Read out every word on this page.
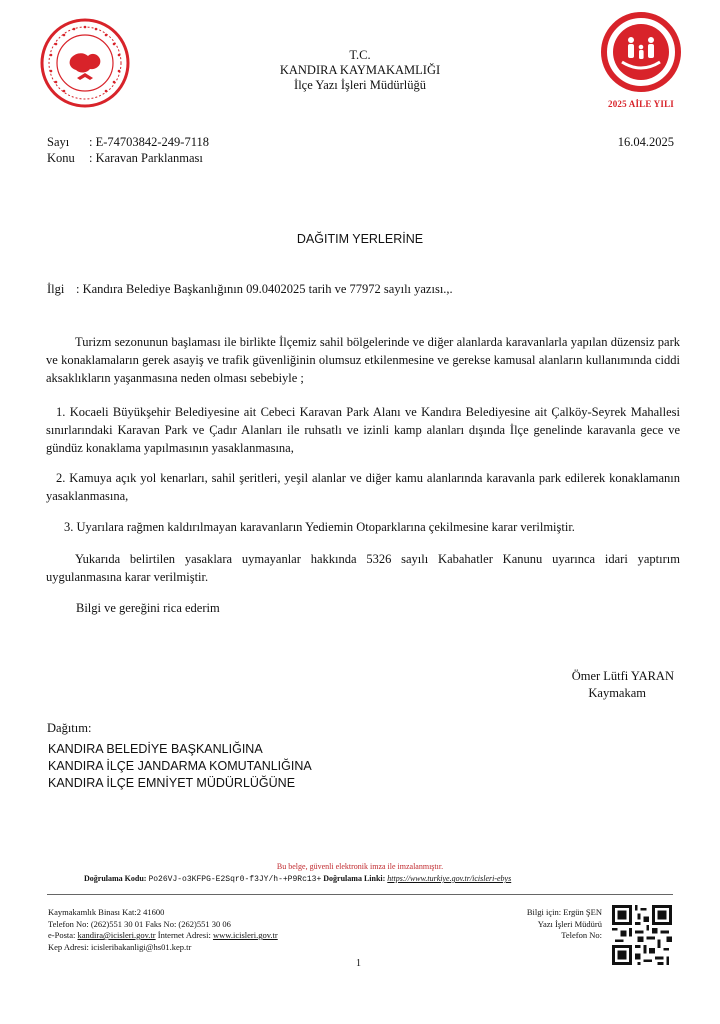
2025 AİLE YILI
T.C.
KANDIRA KAYMAKAMLIĞI
İlçe Yazı İşleri Müdürlüğü
Sayı : E-74703842-249-7118
Konu : Karavan Parklanması
16.04.2025
DAĞITIM YERLERİNE
İlgi : Kandıra Belediye Başkanlığının 09.0402025 tarih ve 77972 sayılı yazısı.,.
Turizm sezonunun başlaması ile birlikte İlçemiz sahil bölgelerinde ve diğer alanlarda karavanlarla yapılan düzensiz park ve konaklamaların gerek asayiş ve trafik güvenliğinin olumsuz etkilenmesine ve gerekse kamusal alanların kullanımında ciddi aksaklıkların yaşanmasına neden olması sebebiyle ;
1. Kocaeli Büyükşehir Belediyesine ait Cebeci Karavan Park Alanı ve Kandıra Belediyesine ait Çalköy-Seyrek Mahallesi sınırlarındaki Karavan Park ve Çadır Alanları ile ruhsatlı ve izinli kamp alanları dışında İlçe genelinde karavanla gece ve gündüz konaklama yapılmasının yasaklanmasına,
2. Kamuya açık yol kenarları, sahil şeritleri, yeşil alanlar ve diğer kamu alanlarında karavanla park edilerek konaklamanın yasaklanmasına,
3. Uyarılara rağmen kaldırılmayan karavanların Yediemin Otoparklarına çekilmesine karar verilmiştir.
Yukarıda belirtilen yasaklara uymayanlar hakkında 5326 sayılı Kabahatler Kanunu uyarınca idari yaptırım uygulanmasına karar verilmiştir.
Bilgi ve gereğini rica ederim
Ömer Lütfi YARAN
Kaymakam
Dağıtım:
KANDIRA BELEDİYE BAŞKANLIĞINA
KANDIRA İLÇE JANDARMA KOMUTANLIĞINA
KANDIRA İLÇE EMNİYET MÜDÜRLÜĞÜNE
Bu belge, güvenli elektronik imza ile imzalanmıştır.
Doğrulama Kodu: Po26VJ-o3KFPG-E2Sqr0-f3JY/h-+P9Rc13+ Doğrulama Linki: https://www.turkiye.gov.tr/icisleri-ebys
Kaymakamlık Binası Kat:2 41600
Telefon No: (262)551 30 01 Faks No: (262)551 30 06
e-Posta: kandira@icisleri.gov.tr İnternet Adresi: www.icisleri.gov.tr
Kep Adresi: icisleribakanligi@hs01.kep.tr
Bilgi için: Ergün ŞEN
Yazı İşleri Müdürü
Telefon No:
1
